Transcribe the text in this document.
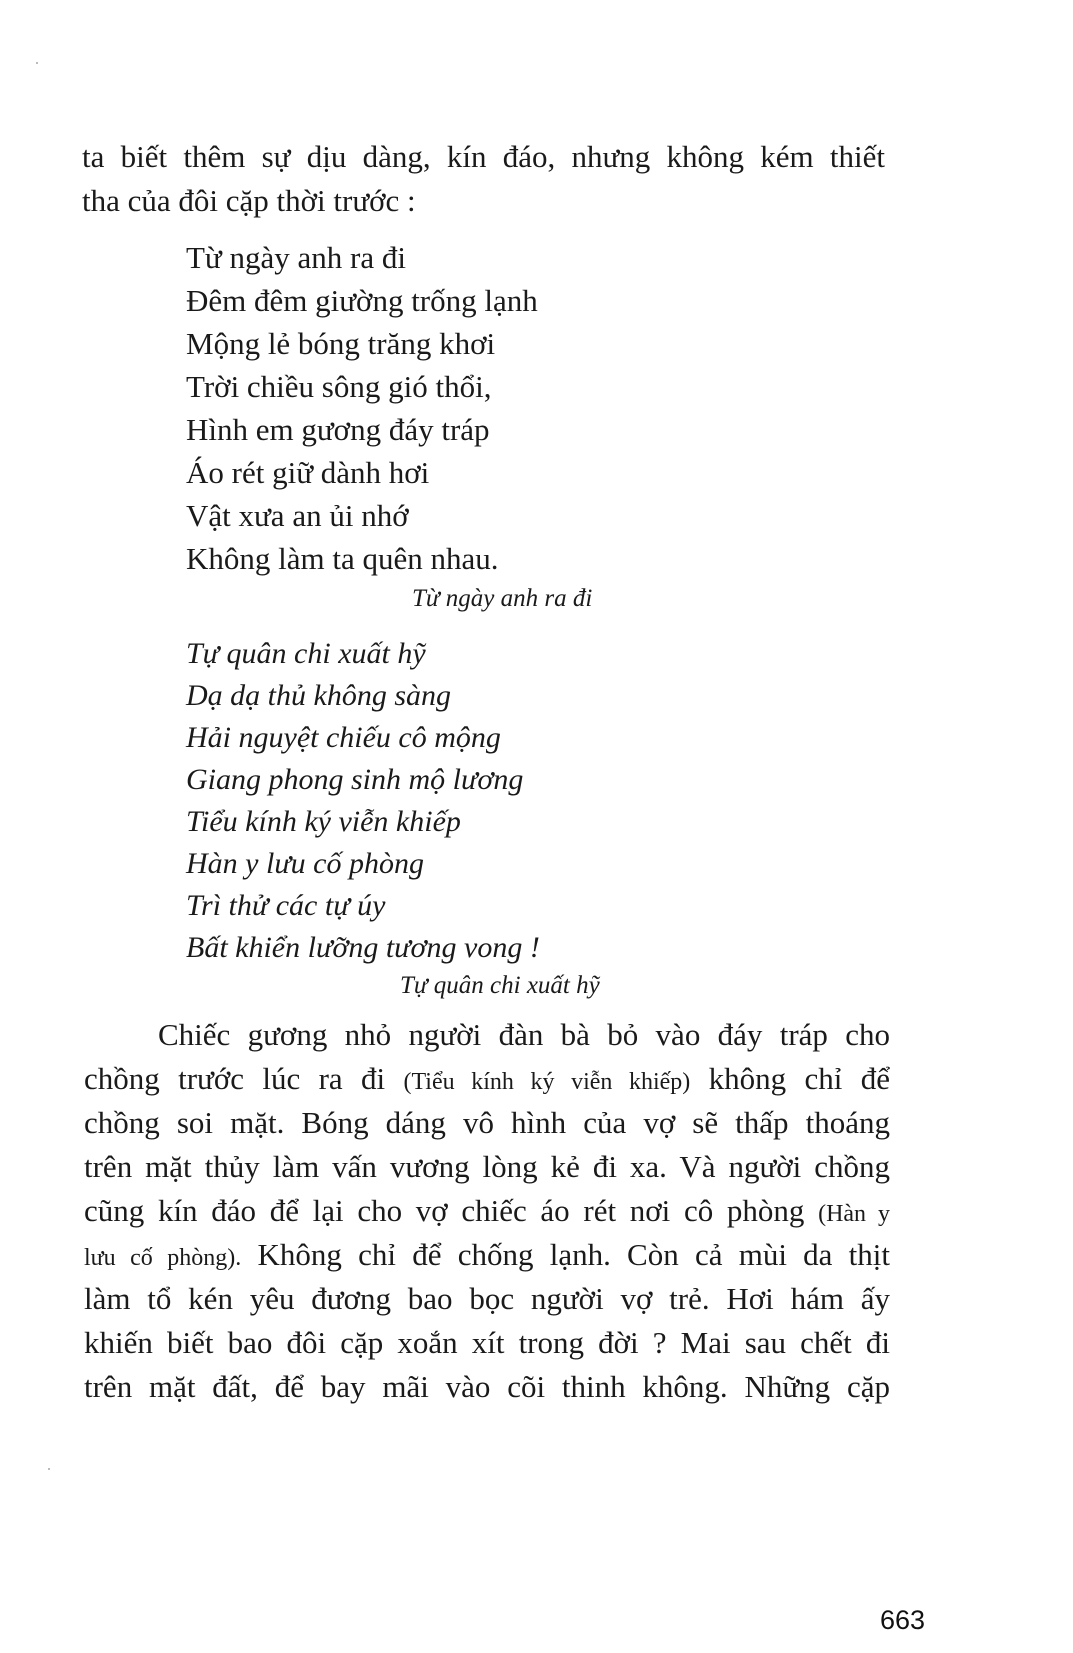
ta biết thêm sự dịu dàng, kín đáo, nhưng không kém thiết
tha của đôi cặp thời trước :
Từ ngày anh ra đi
Đêm đêm giường trống lạnh
Mộng lẻ bóng trăng khơi
Trời chiều sông gió thổi,
Hình em gương đáy tráp
Áo rét giữ dành hơi
Vật xưa an ủi nhớ
Không làm ta quên nhau.
Từ ngày anh ra đi
Tự quân chi xuất hỹ
Dạ dạ thủ không sàng
Hải nguyệt chiếu cô mộng
Giang phong sinh mộ lương
Tiểu kính ký viễn khiếp
Hàn y lưu cố phòng
Trì thử các tự úy
Bất khiển lưỡng tương vong !
Tự quân chi xuất hỹ
Chiếc gương nhỏ người đàn bà bỏ vào đáy tráp cho
chồng trước lúc ra đi (Tiểu kính ký viễn khiếp) không chỉ để
chồng soi mặt. Bóng dáng vô hình của vợ sẽ thấp thoáng
trên mặt thủy làm vấn vương lòng kẻ đi xa. Và người chồng
cũng kín đáo để lại cho vợ chiếc áo rét nơi cô phòng (Hàn y
lưu cố phòng). Không chỉ để chống lạnh. Còn cả mùi da thịt
làm tổ kén yêu đương bao bọc người vợ trẻ. Hơi hám ấy
khiến biết bao đôi cặp xoắn xít trong đời ? Mai sau chết đi
trên mặt đất, để bay mãi vào cõi thinh không. Những cặp
663
